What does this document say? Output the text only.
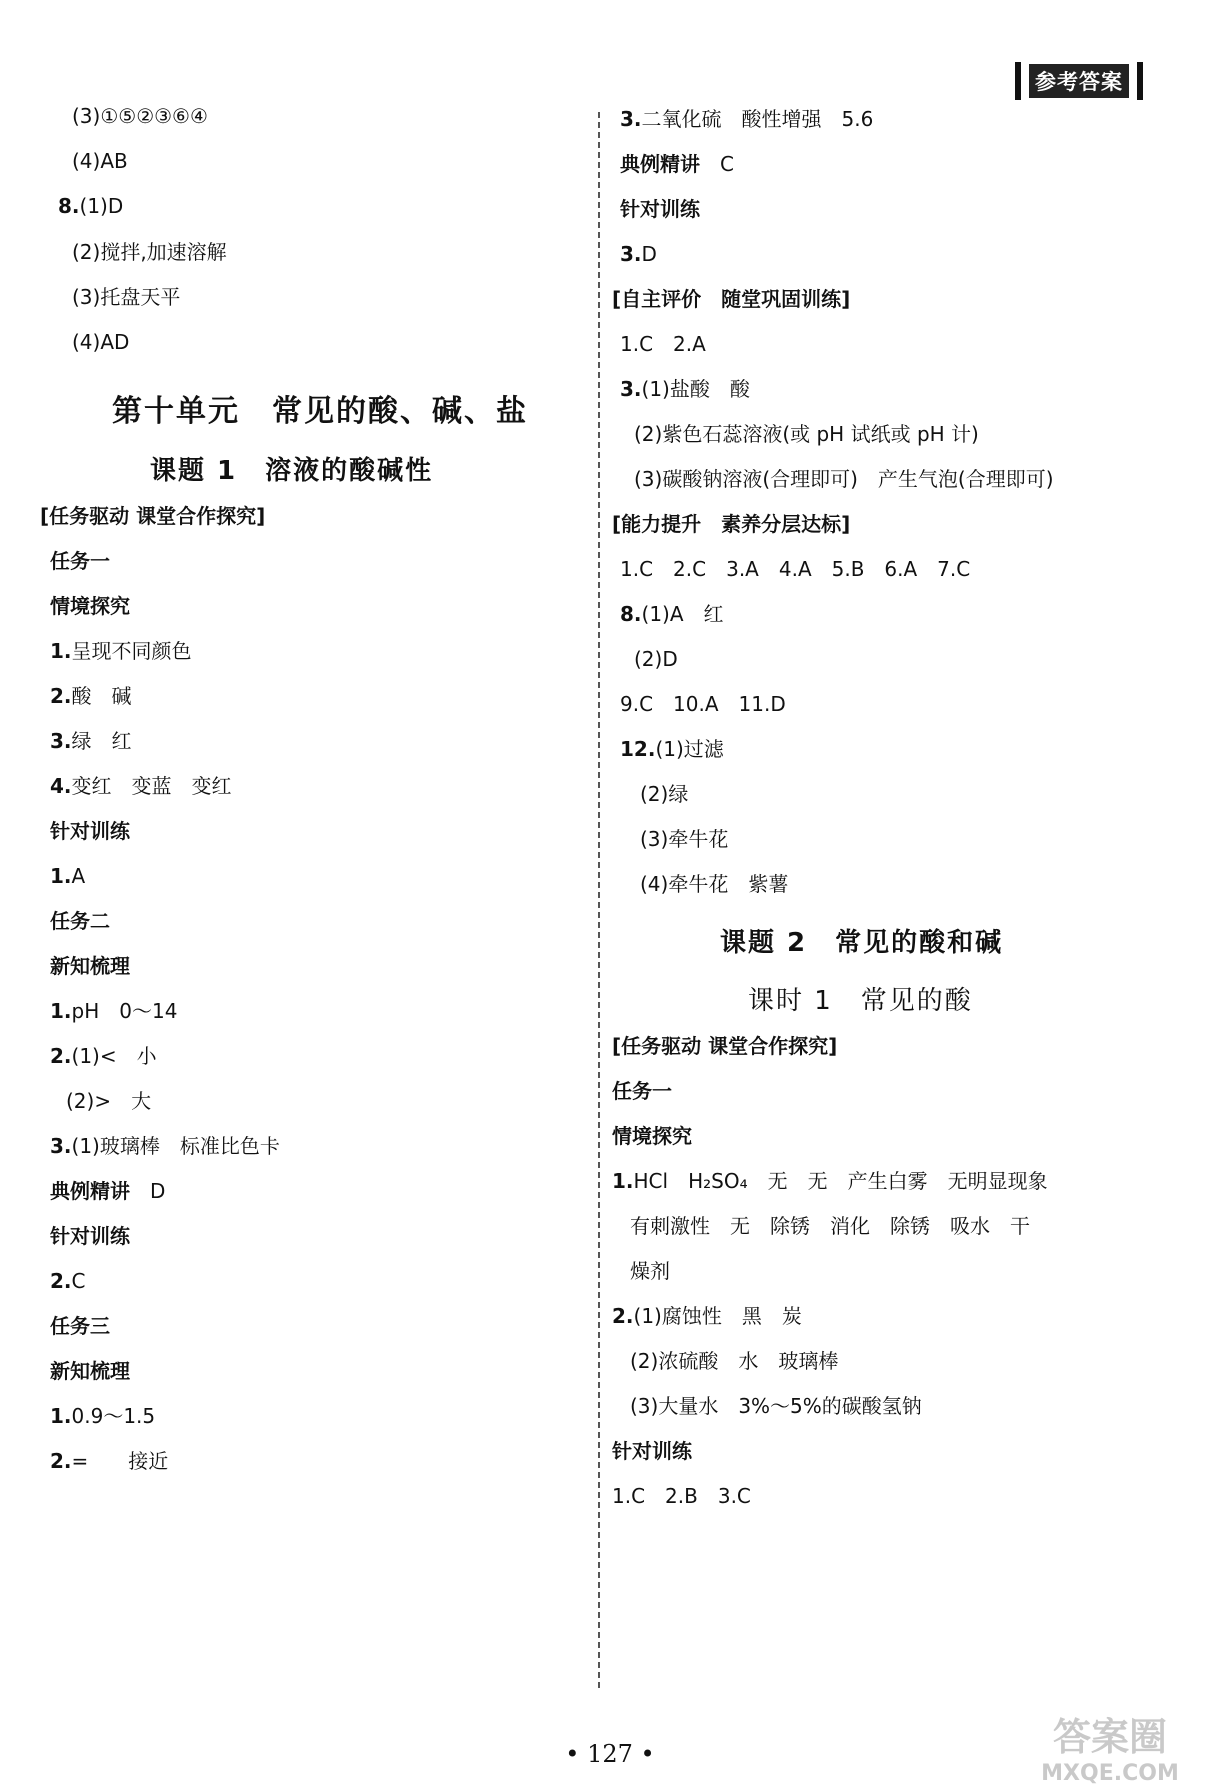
参考答案
(3)①⑤②③⑥④
(4)AB
8.(1)D
(2)搅拌,加速溶解
(3)托盘天平
(4)AD
第十单元　常见的酸、碱、盐
课题 1　溶液的酸碱性
[任务驱动 课堂合作探究]
任务一
情境探究
1.呈现不同颜色
2.酸　碱
3.绿　红
4.变红　变蓝　变红
针对训练
1.A
任务二
新知梳理
1.pH　0～14
2.(1)<　小
(2)>　大
3.(1)玻璃棒　标准比色卡
典例精讲　 D
针对训练
2.C
任务三
新知梳理
1.0.9～1.5
2.=　　接近
3.二氧化硫　酸性增强　5.6
典例精讲　 C
针对训练
3.D
[自主评价　随堂巩固训练]
1.C　2.A
3.(1)盐酸　酸
(2)紫色石蕊溶液(或 pH 试纸或 pH 计)
(3)碳酸钠溶液(合理即可)　产生气泡(合理即可)
[能力提升　素养分层达标]
1.C　2.C　3.A　4.A　5.B　6.A　7.C
8.(1)A　红
(2)D
9.C　10.A　11.D
12.(1)过滤
(2)绿
(3)牵牛花
(4)牵牛花　紫薯
课题 2　常见的酸和碱
课时 1　常见的酸
[任务驱动 课堂合作探究]
任务一
情境探究
1.HCl　H₂SO₄　无　无　产生白雾　无明显现象
有刺激性　无　除锈　消化　除锈　吸水　干
燥剂
2.(1)腐蚀性　黑　炭
(2)浓硫酸　水　玻璃棒
(3)大量水　3%～5%的碳酸氢钠
针对训练
1.C　2.B　3.C
• 127 •	答案圈
MXQE.COM
